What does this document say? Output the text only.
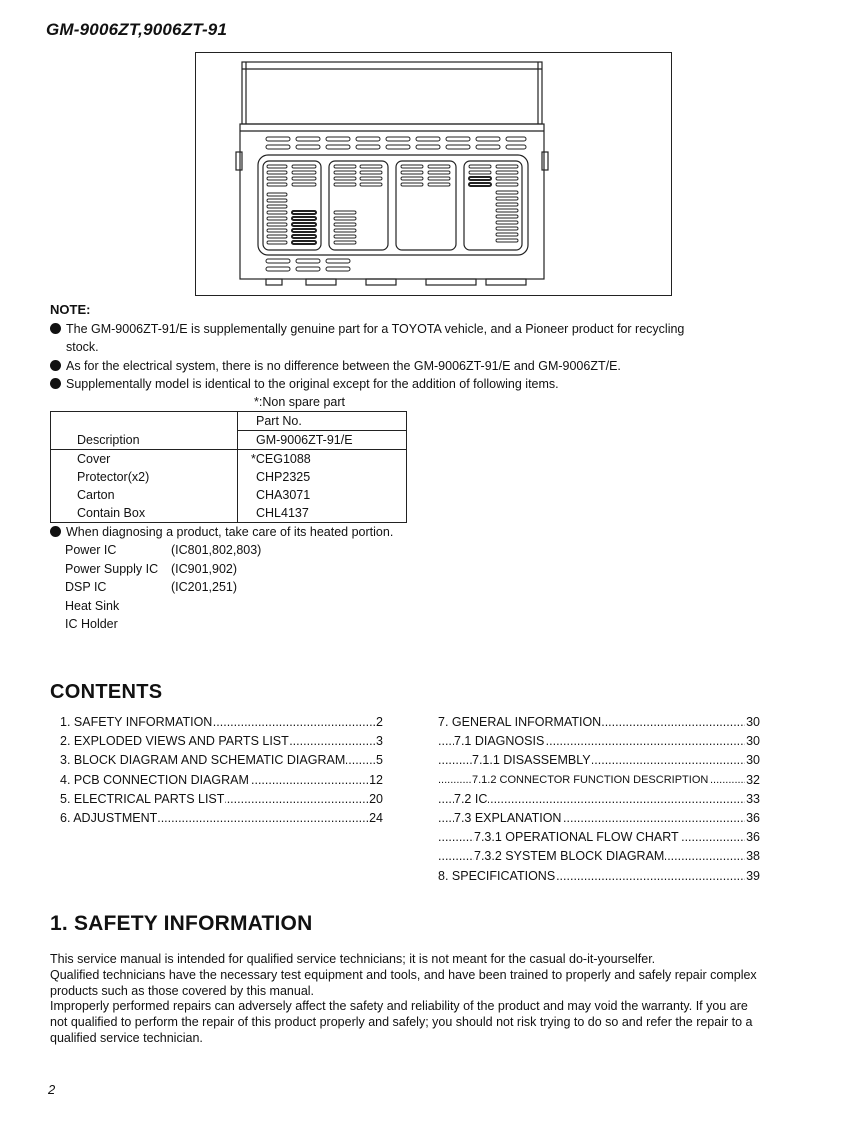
GM-9006ZT,9006ZT-91
NOTE:
The GM-9006ZT-91/E is supplementally genuine part for a TOYOTA vehicle, and a Pioneer product for recycling
stock.
As for the electrical system, there is no difference between the GM-9006ZT-91/E and GM-9006ZT/E.
Supplementally model is identical to the original except for the addition of following items.
*:Non spare part
	Part No.
Description	GM-9006ZT-91/E
Cover	*CEG1088
Protector(x2)	CHP2325
Carton	CHA3071
Contain Box	CHL4137
When diagnosing a product, take care of its heated portion.
Power IC	(IC801,802,803)
Power Supply IC	(IC901,902)
DSP IC	(IC201,251)
Heat Sink
IC Holder
CONTENTS
1. SAFETY INFORMATION	2
.....
2. EXPLODED VIEWS AND PARTS LIST	3
.....
3. BLOCK DIAGRAM AND SCHEMATIC DIAGRAM 5
.....
4. PCB CONNECTION DIAGRAM	12
.....
5. ELECTRICAL PARTS LIST	20
.....
6. ADJUSTMENT	24
.....
7. GENERAL INFORMATION	30
.....
7.1 DIAGNOSIS	30
.....
7.1.1 DISASSEMBLY	30
.....
7.1.2 CONNECTOR FUNCTION DESCRIPTION	32
.....
7.2 IC	33
.....
7.3 EXPLANATION	36
.....
7.3.1 OPERATIONAL FLOW CHART	36
.....
7.3.2 SYSTEM BLOCK DIAGRAM	38
.....
8. SPECIFICATIONS	39
.....
1. SAFETY INFORMATION

This service manual is intended for qualified service technicians; it is not meant for the casual do-it-yourselfer.

Qualified technicians have the necessary test equipment and tools, and have been trained to properly and safely repair complex products such as those covered by this manual.

Improperly performed repairs can adversely affect the safety and reliability of the product and may void the warranty. If you are not qualified to perform the repair of this product properly and safely; you should not risk trying to do so and refer the repair to a qualified service technician.

2
